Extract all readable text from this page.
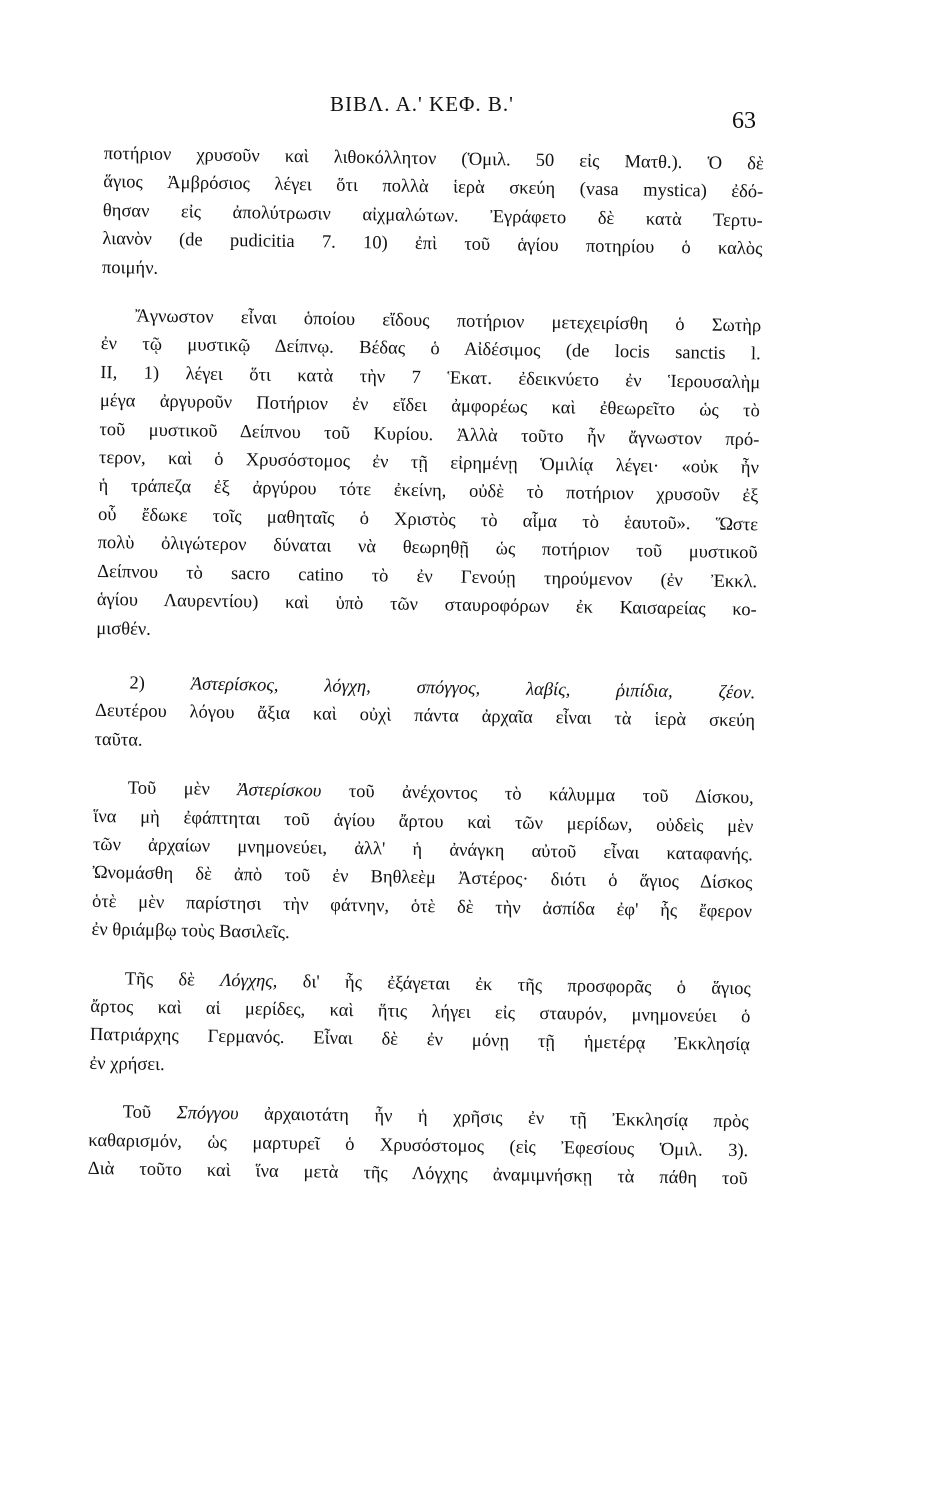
ΒΙΒΛ. Α.' ΚΕΦ. Β.'
63

ποτήριον χρυσοῦν καὶ λιθοκόλλητον (Ὁμιλ. 50 εἰς Ματθ.). Ὁ δὲ
ἅγιος Ἀμβρόσιος λέγει ὅτι πολλὰ ἱερὰ σκεύη (vasa mystica) ἐδό-
θησαν εἰς ἀπολύτρωσιν αἰχμαλώτων. Ἐγράφετο δὲ κατὰ Τερτυ-
λιανὸν (de pudicitia 7. 10) ἐπὶ τοῦ ἁγίου ποτηρίου ὁ καλὸς
ποιμήν.

Ἄγνωστον εἶναι ὁποίου εἴδους ποτήριον μετεχειρίσθη ὁ Σωτὴρ
ἐν τῷ μυστικῷ Δείπνῳ. Βέδας ὁ Αἰδέσιμος (de locis sanctis l.
II, 1) λέγει ὅτι κατὰ τὴν 7 Ἑκατ. ἐδεικνύετο ἐν Ἱερουσαλὴμ
μέγα ἀργυροῦν Ποτήριον ἐν εἴδει ἀμφορέως καὶ ἐθεωρεῖτο ὡς τὸ
τοῦ μυστικοῦ Δείπνου τοῦ Κυρίου. Ἀλλὰ τοῦτο ἦν ἄγνωστον πρό-
τερον, καὶ ὁ Χρυσόστομος ἐν τῇ εἰρημένῃ Ὁμιλίᾳ λέγει· «οὐκ ἦν
ἡ τράπεζα ἐξ ἀργύρου τότε ἐκείνη, οὐδὲ τὸ ποτήριον χρυσοῦν ἐξ
οὗ ἔδωκε τοῖς μαθηταῖς ὁ Χριστὸς τὸ αἷμα τὸ ἑαυτοῦ». Ὥστε
πολὺ ὀλιγώτερον δύναται νὰ θεωρηθῇ ὡς ποτήριον τοῦ μυστικοῦ
Δείπνου τὸ sacro catino τὸ ἐν Γενούῃ τηρούμενον (ἐν Ἐκκλ.
ἁγίου Λαυρεντίου) καὶ ὑπὸ τῶν σταυροφόρων ἐκ Καισαρείας κο-
μισθέν.

2) Ἀστερίσκος, λόγχη, σπόγγος, λαβίς, ῥιπίδια, ζέον.
Δευτέρου λόγου ἄξια καὶ οὐχὶ πάντα ἀρχαῖα εἶναι τὰ ἱερὰ σκεύη
ταῦτα.

Τοῦ μὲν Ἀστερίσκου τοῦ ἀνέχοντος τὸ κάλυμμα τοῦ Δίσκου,
ἵνα μὴ ἐφάπτηται τοῦ ἁγίου ἄρτου καὶ τῶν μερίδων, οὐδεὶς μὲν
τῶν ἀρχαίων μνημονεύει, ἀλλ' ἡ ἀνάγκη αὐτοῦ εἶναι καταφανής.
Ὠνομάσθη δὲ ἀπὸ τοῦ ἐν Βηθλεὲμ Ἀστέρος· διότι ὁ ἅγιος Δίσκος
ὁτὲ μὲν παρίστησι τὴν φάτνην, ὁτὲ δὲ τὴν ἀσπίδα ἐφ' ἧς ἔφερον
ἐν θριάμβῳ τοὺς Βασιλεῖς.

Τῆς δὲ Λόγχης, δι' ἧς ἐξάγεται ἐκ τῆς προσφορᾶς ὁ ἅγιος
ἄρτος καὶ αἱ μερίδες, καὶ ἥτις λήγει εἰς σταυρόν, μνημονεύει ὁ
Πατριάρχης Γερμανός. Εἶναι δὲ ἐν μόνῃ τῇ ἡμετέρᾳ Ἐκκλησίᾳ
ἐν χρήσει.

Τοῦ Σπόγγου ἀρχαιοτάτη ἦν ἡ χρῆσις ἐν τῇ Ἐκκλησίᾳ πρὸς
καθαρισμόν, ὡς μαρτυρεῖ ὁ Χρυσόστομος (εἰς Ἐφεσίους Ὁμιλ. 3).
Διὰ τοῦτο καὶ ἵνα μετὰ τῆς Λόγχης ἀναμιμνήσκῃ τὰ πάθη τοῦ
